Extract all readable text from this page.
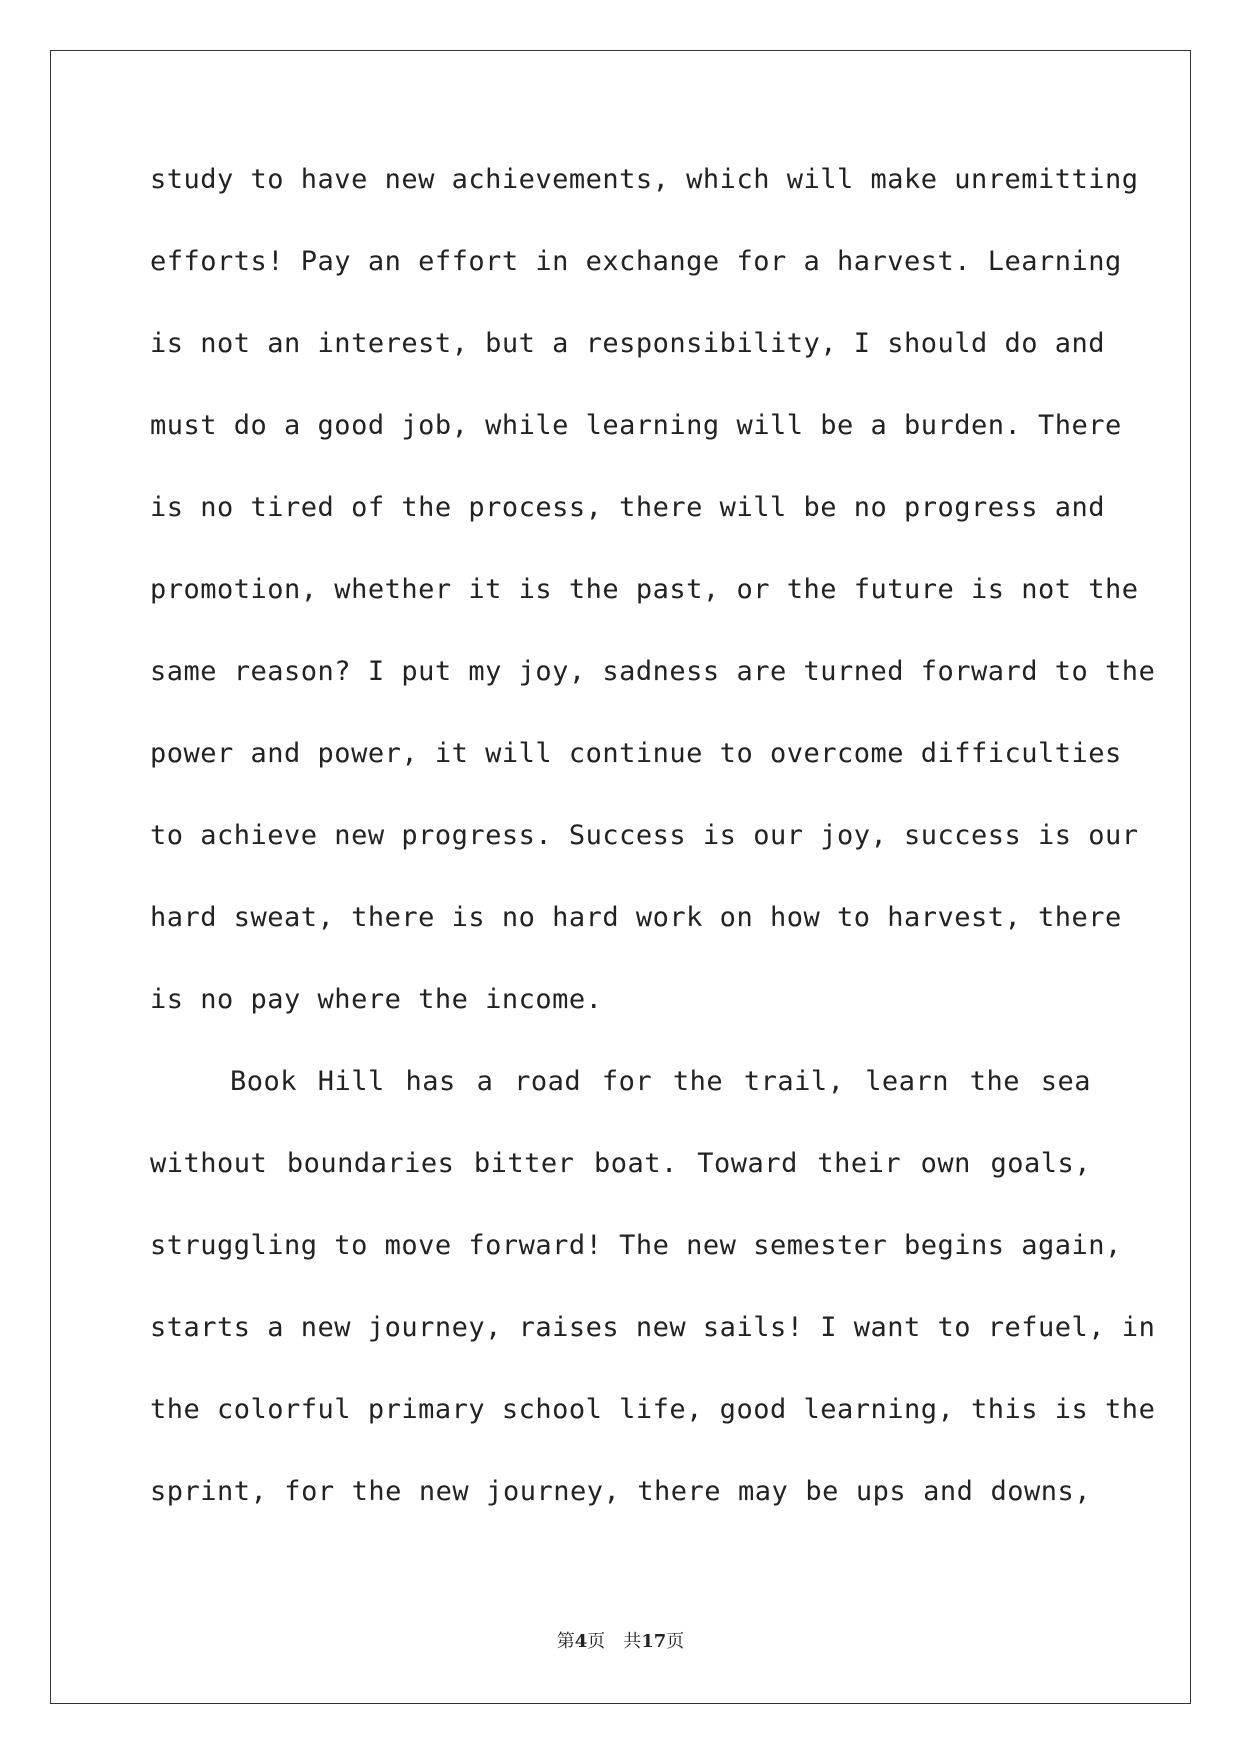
study to have new achievements, which will make unremitting
efforts! Pay an effort in exchange for a harvest. Learning
is not an interest, but a responsibility, I should do and
must do a good job, while learning will be a burden. There
is no tired of the process, there will be no progress and
promotion, whether it is the past, or the future is not the
same reason? I put my joy, sadness are turned forward to the
power and power, it will continue to overcome difficulties
to achieve new progress. Success is our joy, success is our
hard sweat, there is no hard work on how to harvest, there
is no pay where the income.
Book Hill has a road for the trail, learn the sea
without boundaries bitter boat. Toward their own goals,
struggling to move forward! The new semester begins again,
starts a new journey, raises new sails! I want to refuel, in
the colorful primary school life, good learning, this is the
sprint, for the new journey, there may be ups and downs,
第4页 共17页
